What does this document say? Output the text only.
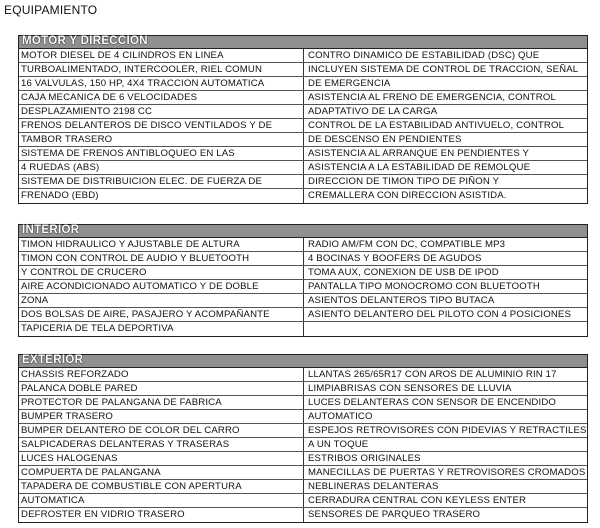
EQUIPAMIENTO
MOTOR Y DIRECCION
MOTOR DIESEL DE 4 CILINDROS EN LINEA	CONTRO DINAMICO DE ESTABILIDAD (DSC) QUE
TURBOALIMENTADO, INTERCOOLER, RIEL COMUN	INCLUYEN SISTEMA DE CONTROL DE TRACCION, SEÑAL
16 VALVULAS, 150 HP, 4X4 TRACCION AUTOMATICA	DE EMERGENCIA
CAJA MECANICA DE 6 VELOCIDADES	ASISTENCIA AL FRENO DE EMERGENCIA, CONTROL
DESPLAZAMIENTO 2198 CC	ADAPTATIVO DE LA CARGA
FRENOS DELANTEROS DE DISCO VENTILADOS Y DE	CONTROL DE LA ESTABILIDAD ANTIVUELO, CONTROL
TAMBOR TRASERO	DE DESCENSO EN PENDIENTES
SISTEMA DE FRENOS ANTIBLOQUEO EN LAS	ASISTENCIA AL ARRANQUE EN PENDIENTES Y
4 RUEDAS (ABS)	ASISTENCIA A LA ESTABILIDAD DE REMOLQUE
SISTEMA DE DISTRIBUICION ELEC. DE FUERZA DE	DIRECCION DE TIMON TIPO DE PIÑON Y
FRENADO (EBD)	CREMALLERA CON DIRECCION ASISTIDA.
INTERIOR
TIMON HIDRAULICO Y AJUSTABLE DE ALTURA	RADIO AM/FM CON DC, COMPATIBLE MP3
TIMON CON CONTROL DE AUDIO Y BLUETOOTH	4 BOCINAS Y BOOFERS DE AGUDOS
Y CONTROL DE CRUCERO	TOMA AUX, CONEXION DE USB DE IPOD
AIRE ACONDICIONADO AUTOMATICO Y DE DOBLE	PANTALLA TIPO MONOCROMO CON BLUETOOTH
ZONA	ASIENTOS DELANTEROS TIPO BUTACA
DOS BOLSAS DE AIRE, PASAJERO Y ACOMPAÑANTE	ASIENTO DELANTERO DEL PILOTO CON 4 POSICIONES
TAPICERIA DE TELA DEPORTIVA
EXTERIOR
CHASSIS REFORZADO	LLANTAS 265/65R17 CON AROS DE ALUMINIO RIN 17
PALANCA DOBLE PARED	LIMPIABRISAS CON SENSORES DE LLUVIA
PROTECTOR DE PALANGANA DE FABRICA	LUCES DELANTERAS CON SENSOR DE ENCENDIDO
BUMPER TRASERO	AUTOMATICO
BUMPER DELANTERO DE COLOR DEL CARRO	ESPEJOS RETROVISORES CON PIDEVIAS Y RETRACTILES
SALPICADERAS DELANTERAS Y TRASERAS	A UN TOQUE
LUCES HALOGENAS	ESTRIBOS ORIGINALES
COMPUERTA DE PALANGANA	MANECILLAS DE PUERTAS Y RETROVISORES CROMADOS
TAPADERA DE COMBUSTIBLE CON APERTURA	NEBLINERAS DELANTERAS
AUTOMATICA	CERRADURA CENTRAL CON KEYLESS ENTER
DEFROSTER EN VIDRIO TRASERO	SENSORES DE PARQUEO TRASERO
